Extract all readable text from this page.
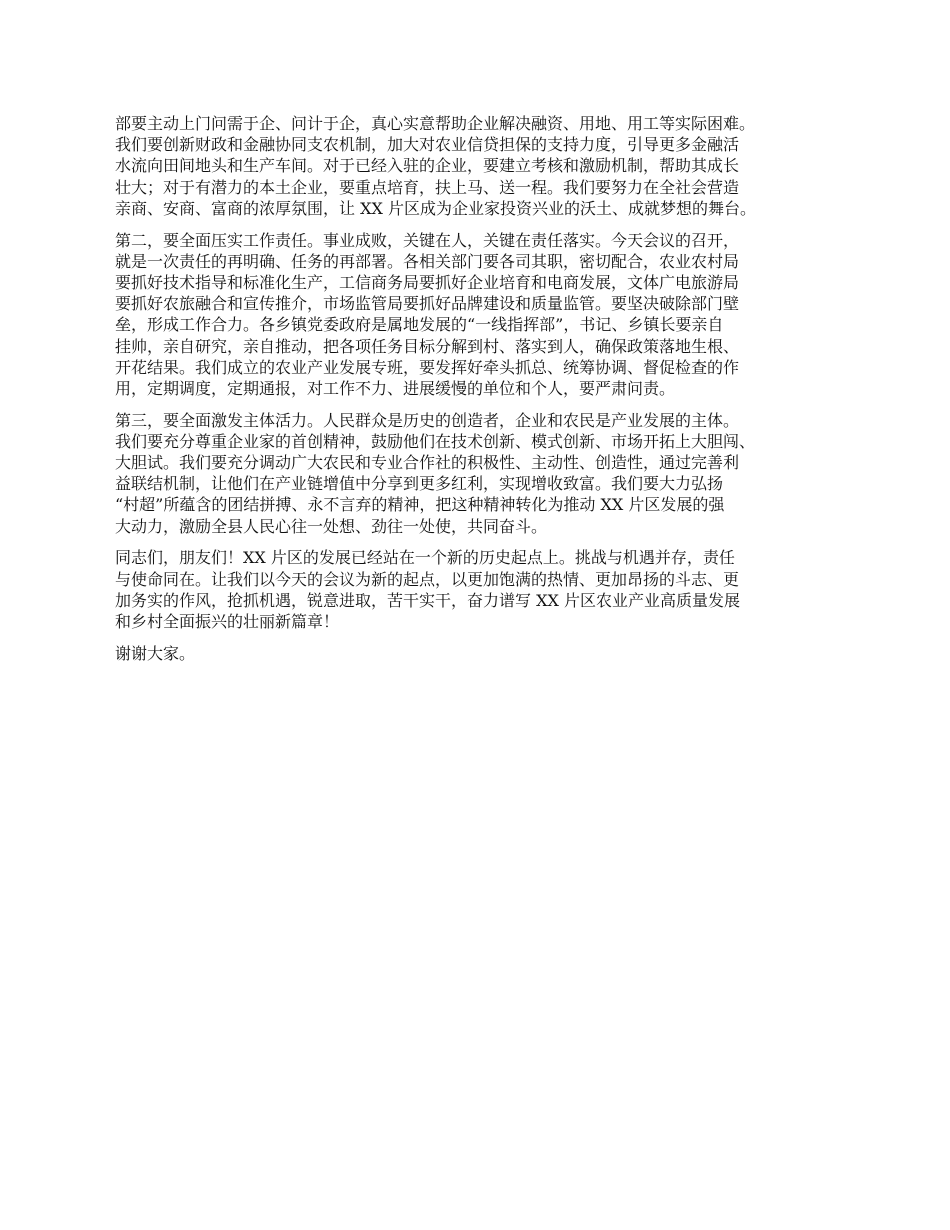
部要主动上门问需于企、问计于企，真心实意帮助企业解决融资、用地、用工等实际困难。
我们要创新财政和金融协同支农机制，加大对农业信贷担保的支持力度，引导更多金融活
水流向田间地头和生产车间。对于已经入驻的企业，要建立考核和激励机制，帮助其成长
壮大；对于有潜力的本土企业，要重点培育，扶上马、送一程。我们要努力在全社会营造
亲商、安商、富商的浓厚氛围，让 XX 片区成为企业家投资兴业的沃土、成就梦想的舞台。

第二，要全面压实工作责任。事业成败，关键在人，关键在责任落实。今天会议的召开，
就是一次责任的再明确、任务的再部署。各相关部门要各司其职，密切配合，农业农村局
要抓好技术指导和标准化生产，工信商务局要抓好企业培育和电商发展，文体广电旅游局
要抓好农旅融合和宣传推介，市场监管局要抓好品牌建设和质量监管。要坚决破除部门壁
垒，形成工作合力。各乡镇党委政府是属地发展的“一线指挥部”，书记、乡镇长要亲自
挂帅，亲自研究，亲自推动，把各项任务目标分解到村、落实到人，确保政策落地生根、
开花结果。我们成立的农业产业发展专班，要发挥好牵头抓总、统筹协调、督促检查的作
用，定期调度，定期通报，对工作不力、进展缓慢的单位和个人，要严肃问责。

第三，要全面激发主体活力。人民群众是历史的创造者，企业和农民是产业发展的主体。
我们要充分尊重企业家的首创精神，鼓励他们在技术创新、模式创新、市场开拓上大胆闯、
大胆试。我们要充分调动广大农民和专业合作社的积极性、主动性、创造性，通过完善利
益联结机制，让他们在产业链增值中分享到更多红利，实现增收致富。我们要大力弘扬
“村超”所蕴含的团结拼搏、永不言弃的精神，把这种精神转化为推动 XX 片区发展的强
大动力，激励全县人民心往一处想、劲往一处使，共同奋斗。

同志们，朋友们！XX 片区的发展已经站在一个新的历史起点上。挑战与机遇并存，责任
与使命同在。让我们以今天的会议为新的起点，以更加饱满的热情、更加昂扬的斗志、更
加务实的作风，抢抓机遇，锐意进取，苦干实干，奋力谱写 XX 片区农业产业高质量发展
和乡村全面振兴的壮丽新篇章！

谢谢大家。
